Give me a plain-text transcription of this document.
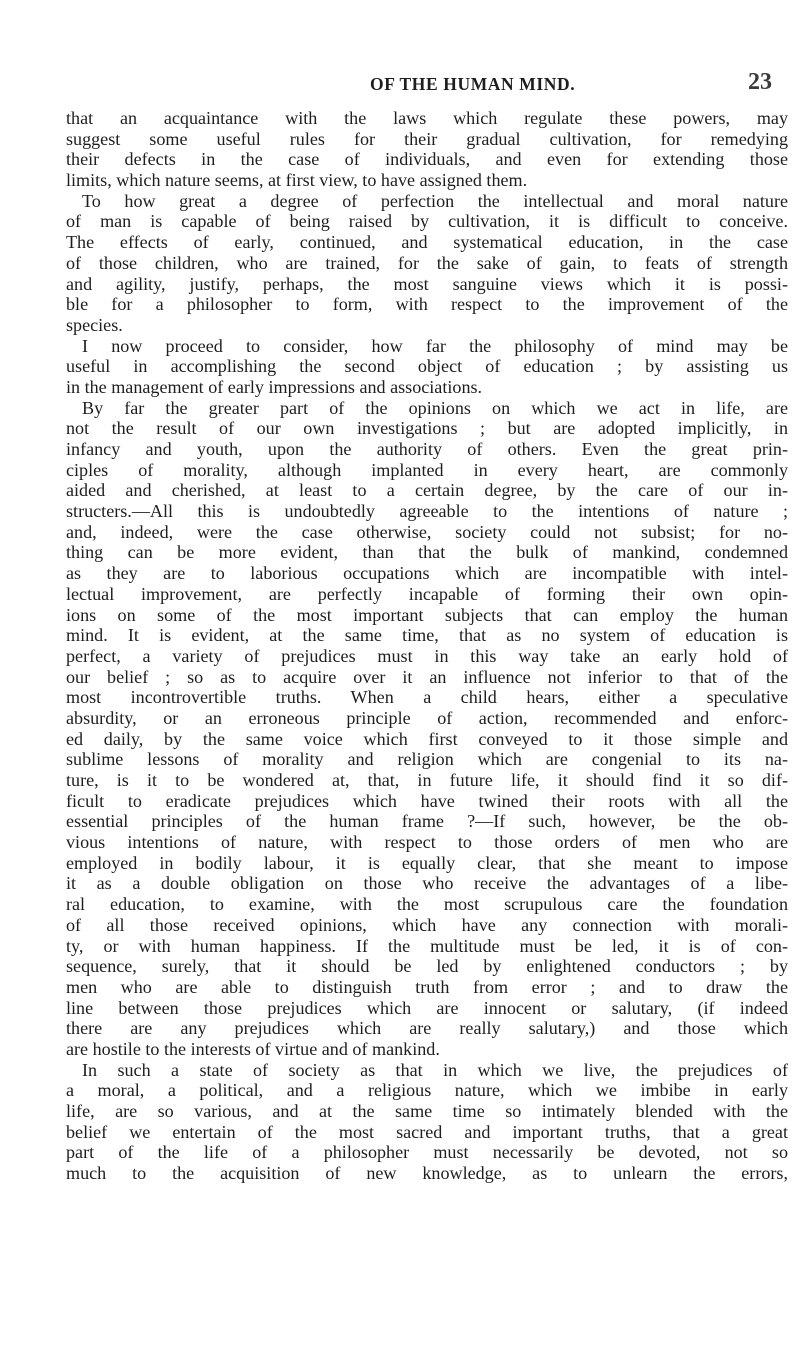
OF THE HUMAN MIND.	23
that an acquaintance with the laws which regulate these powers, may
suggest some useful rules for their gradual cultivation, for remedying
their defects in the case of individuals, and even for extending those
limits, which nature seems, at first view, to have assigned them.
To how great a degree of perfection the intellectual and moral nature
of man is capable of being raised by cultivation, it is difficult to conceive.
The effects of early, continued, and systematical education, in the case
of those children, who are trained, for the sake of gain, to feats of strength
and agility, justify, perhaps, the most sanguine views which it is possi-
ble for a philosopher to form, with respect to the improvement of the
species.
I now proceed to consider, how far the philosophy of mind may be
useful in accomplishing the second object of education ; by assisting us
in the management of early impressions and associations.
By far the greater part of the opinions on which we act in life, are
not the result of our own investigations ; but are adopted implicitly, in
infancy and youth, upon the authority of others. Even the great prin-
ciples of morality, although implanted in every heart, are commonly
aided and cherished, at least to a certain degree, by the care of our in-
structers.—All this is undoubtedly agreeable to the intentions of nature ;
and, indeed, were the case otherwise, society could not subsist; for no-
thing can be more evident, than that the bulk of mankind, condemned
as they are to laborious occupations which are incompatible with intel-
lectual improvement, are perfectly incapable of forming their own opin-
ions on some of the most important subjects that can employ the human
mind. It is evident, at the same time, that as no system of education is
perfect, a variety of prejudices must in this way take an early hold of
our belief ; so as to acquire over it an influence not inferior to that of the
most incontrovertible truths. When a child hears, either a speculative
absurdity, or an erroneous principle of action, recommended and enforc-
ed daily, by the same voice which first conveyed to it those simple and
sublime lessons of morality and religion which are congenial to its na-
ture, is it to be wondered at, that, in future life, it should find it so dif-
ficult to eradicate prejudices which have twined their roots with all the
essential principles of the human frame ?—If such, however, be the ob-
vious intentions of nature, with respect to those orders of men who are
employed in bodily labour, it is equally clear, that she meant to impose
it as a double obligation on those who receive the advantages of a libe-
ral education, to examine, with the most scrupulous care the foundation
of all those received opinions, which have any connection with morali-
ty, or with human happiness. If the multitude must be led, it is of con-
sequence, surely, that it should be led by enlightened conductors ; by
men who are able to distinguish truth from error ; and to draw the
line between those prejudices which are innocent or salutary, (if indeed
there are any prejudices which are really salutary,) and those which
are hostile to the interests of virtue and of mankind.
In such a state of society as that in which we live, the prejudices of
a moral, a political, and a religious nature, which we imbibe in early
life, are so various, and at the same time so intimately blended with the
belief we entertain of the most sacred and important truths, that a great
part of the life of a philosopher must necessarily be devoted, not so
much to the acquisition of new knowledge, as to unlearn the errors,
